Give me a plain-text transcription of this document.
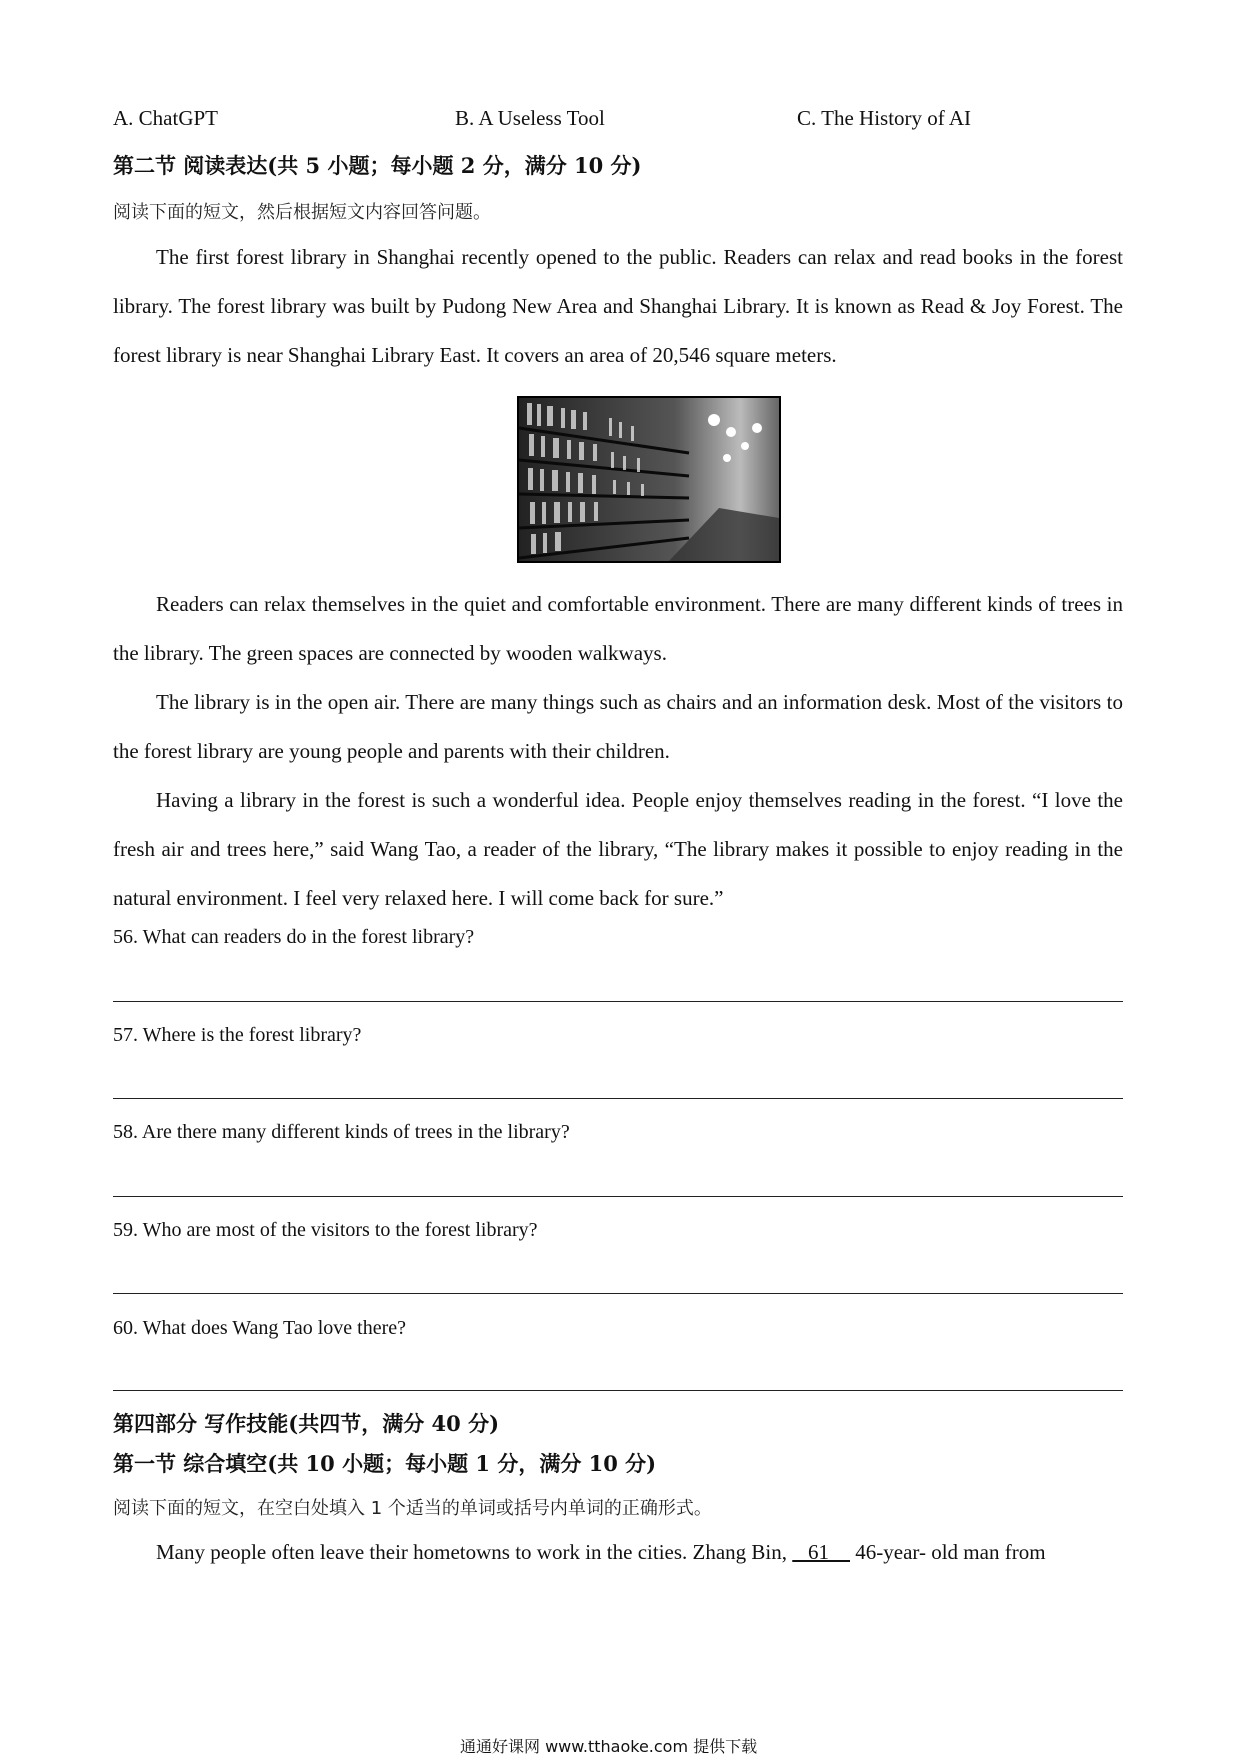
A. ChatGPT	B. A Useless Tool	C. The History of AI
第二节 阅读表达(共 5 小题；每小题 2 分，满分 10 分)
阅读下面的短文，然后根据短文内容回答问题。

The first forest library in Shanghai recently opened to the public. Readers can relax and read books in the forest library. The forest library was built by Pudong New Area and Shanghai Library. It is known as Read & Joy Forest. The forest library is near Shanghai Library East. It covers an area of 20,546 square meters.

Readers can relax themselves in the quiet and comfortable environment. There are many different kinds of trees in the library. The green spaces are connected by wooden walkways.

The library is in the open air. There are many things such as chairs and an information desk. Most of the visitors to the forest library are young people and parents with their children.

Having a library in the forest is such a wonderful idea. People enjoy themselves reading in the forest. “I love the fresh air and trees here,” said Wang Tao, a reader of the library, “The library makes it possible to enjoy reading in the natural environment. I feel very relaxed here. I will come back for sure.”

56. What can readers do in the forest library?
57. Where is the forest library?
58. Are there many different kinds of trees in the library?
59. Who are most of the visitors to the forest library?
60. What does Wang Tao love there?
第四部分 写作技能(共四节，满分 40 分)
第一节 综合填空(共 10 小题；每小题 1 分，满分 10 分)
阅读下面的短文，在空白处填入 1 个适当的单词或括号内单词的正确形式。
Many people often leave their hometowns to work in the cities. Zhang Bin,    61     46-year- old man from
通通好课网 www.tthaoke.com 提供下载
